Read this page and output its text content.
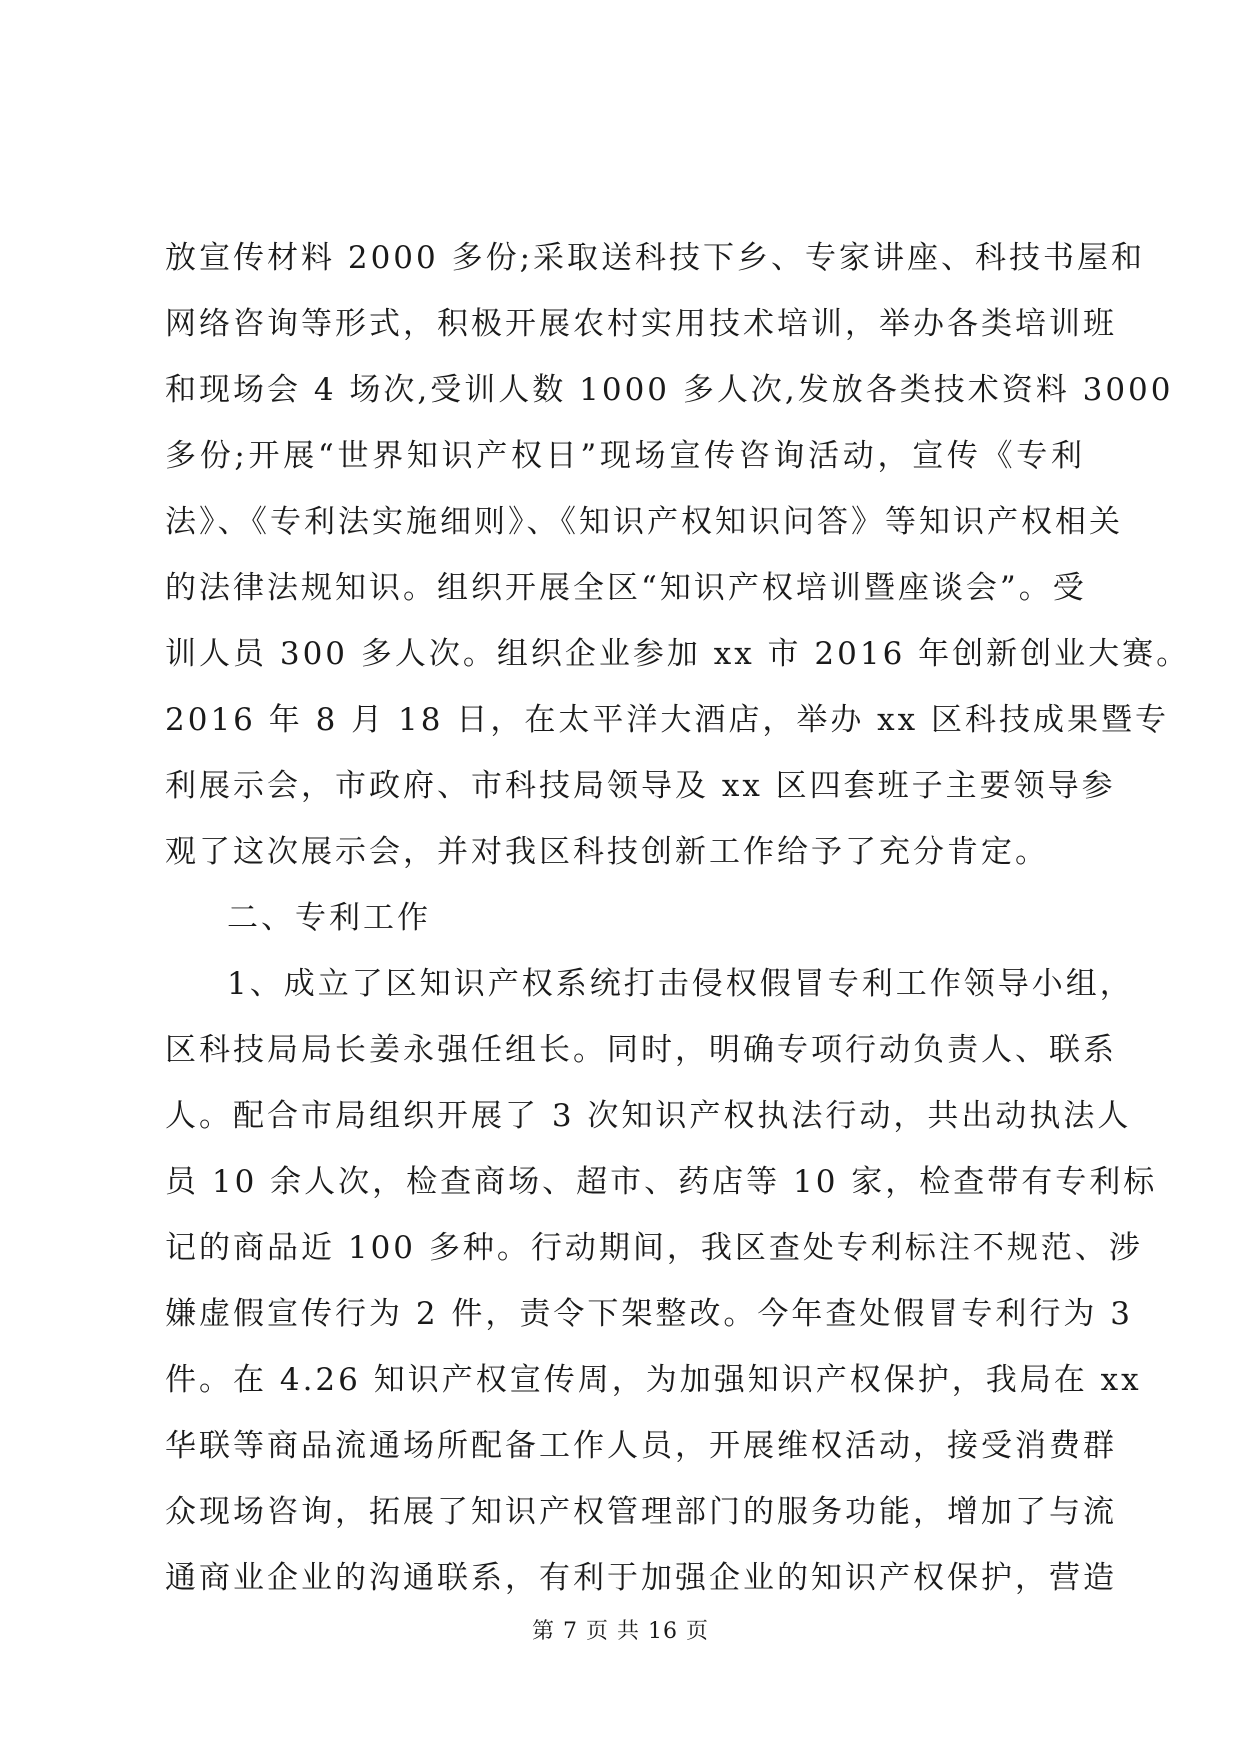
放宣传材料 2000 多份;采取送科技下乡、专家讲座、科技书屋和
网络咨询等形式，积极开展农村实用技术培训，举办各类培训班
和现场会 4 场次,受训人数 1000 多人次,发放各类技术资料 3000
多份;开展“世界知识产权日”现场宣传咨询活动，宣传《专利
法》、《专利法实施细则》、《知识产权知识问答》等知识产权相关
的法律法规知识。组织开展全区“知识产权培训暨座谈会”。受
训人员 300 多人次。组织企业参加 xx 市 2016 年创新创业大赛。
2016 年 8 月 18 日，在太平洋大酒店，举办 xx 区科技成果暨专
利展示会，市政府、市科技局领导及 xx 区四套班子主要领导参
观了这次展示会，并对我区科技创新工作给予了充分肯定。
二、专利工作
1、成立了区知识产权系统打击侵权假冒专利工作领导小组，
区科技局局长姜永强任组长。同时，明确专项行动负责人、联系
人。配合市局组织开展了 3 次知识产权执法行动，共出动执法人
员 10 余人次，检查商场、超市、药店等 10 家，检查带有专利标
记的商品近 100 多种。行动期间，我区查处专利标注不规范、涉
嫌虚假宣传行为 2 件，责令下架整改。今年查处假冒专利行为 3
件。在 4.26 知识产权宣传周，为加强知识产权保护，我局在 xx
华联等商品流通场所配备工作人员，开展维权活动，接受消费群
众现场咨询，拓展了知识产权管理部门的服务功能，增加了与流
通商业企业的沟通联系，有利于加强企业的知识产权保护，营造
第 7 页 共 16 页
